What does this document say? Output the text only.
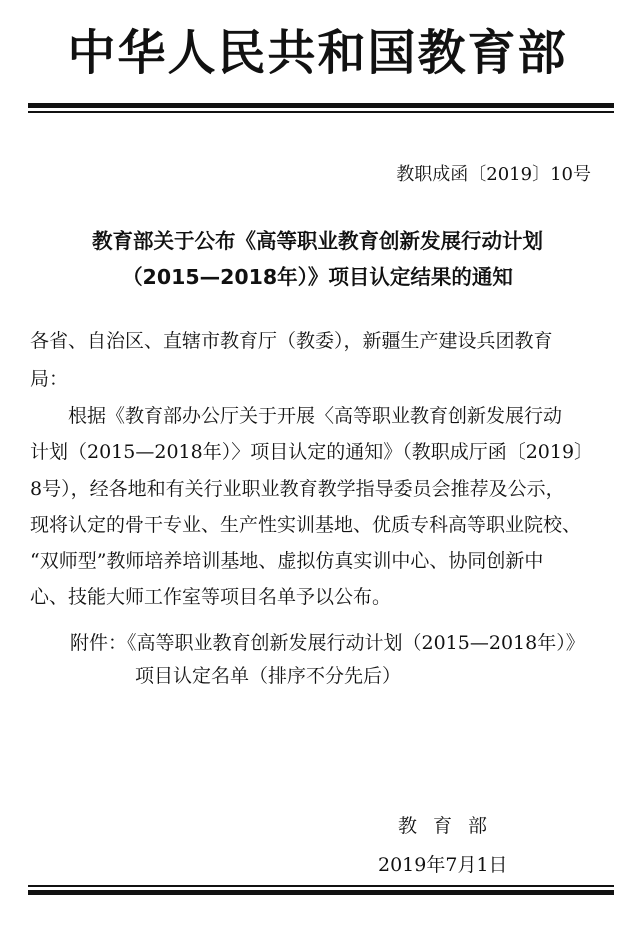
中华人民共和国教育部
教职成函〔2019〕10号
教育部关于公布《高等职业教育创新发展行动计划
（2015—2018年）》项目认定结果的通知
各省、自治区、直辖市教育厅（教委），新疆生产建设兵团教育
局：
根据《教育部办公厅关于开展〈高等职业教育创新发展行动
计划（2015—2018年）〉项目认定的通知》（教职成厅函〔2019〕
8号），经各地和有关行业职业教育教学指导委员会推荐及公示，
现将认定的骨干专业、生产性实训基地、优质专科高等职业院校、
“双师型”教师培养培训基地、虚拟仿真实训中心、协同创新中
心、技能大师工作室等项目名单予以公布。
附件：《高等职业教育创新发展行动计划（2015—2018年）》
项目认定名单（排序不分先后）
教育部
2019年7月1日
